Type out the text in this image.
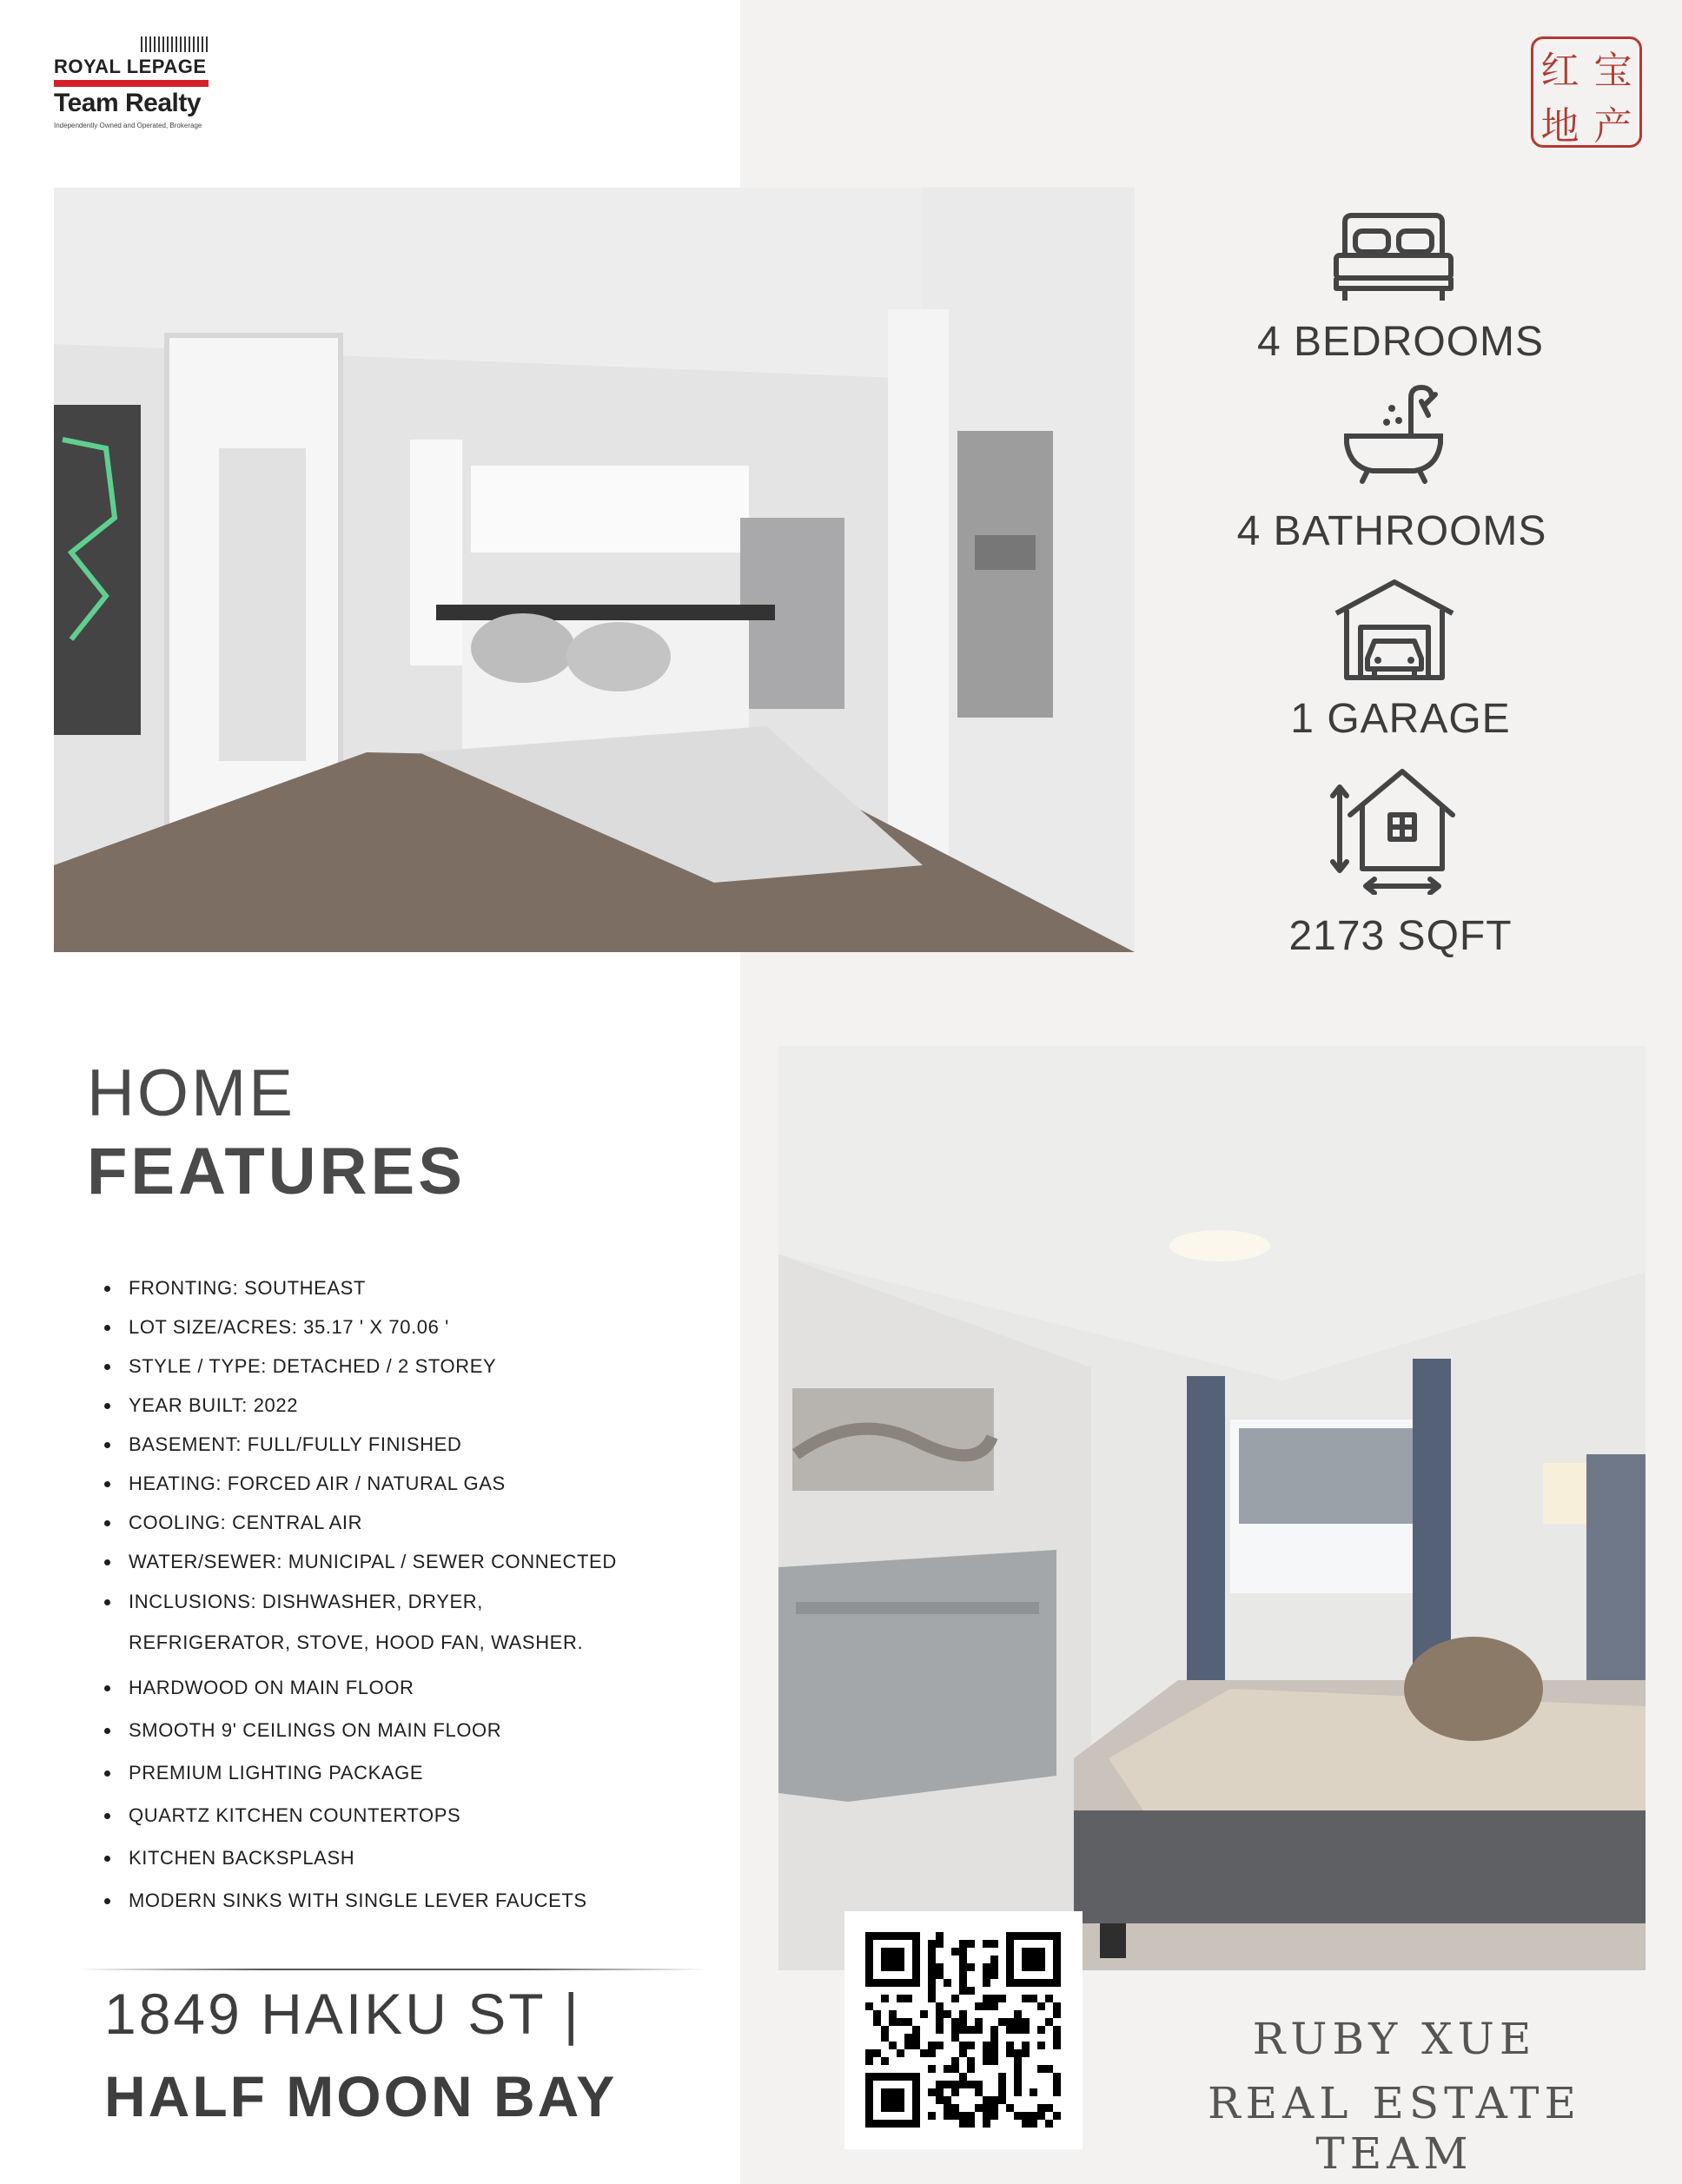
ROYAL LEPAGE
Team Realty
Independently Owned and Operated, Brokerage
红 宝
地 产
4 BEDROOMS
4 BATHROOMS
1 GARAGE
2173 SQFT
HOME
FEATURES
• FRONTING: SOUTHEAST
• LOT SIZE/ACRES: 35.17 ' X 70.06 '
• STYLE / TYPE: DETACHED / 2 STOREY
• YEAR BUILT: 2022
• BASEMENT: FULL/FULLY FINISHED
• HEATING: FORCED AIR / NATURAL GAS
• COOLING: CENTRAL AIR
• WATER/SEWER: MUNICIPAL / SEWER CONNECTED
• INCLUSIONS: DISHWASHER, DRYER, REFRIGERATOR, STOVE, HOOD FAN, WASHER.
• HARDWOOD ON MAIN FLOOR
• SMOOTH 9' CEILINGS ON MAIN FLOOR
• PREMIUM LIGHTING PACKAGE
• QUARTZ KITCHEN COUNTERTOPS
• KITCHEN BACKSPLASH
• MODERN SINKS WITH SINGLE LEVER FAUCETS
1849 HAIKU ST |
HALF MOON BAY
RUBY XUE
REAL ESTATE TEAM
